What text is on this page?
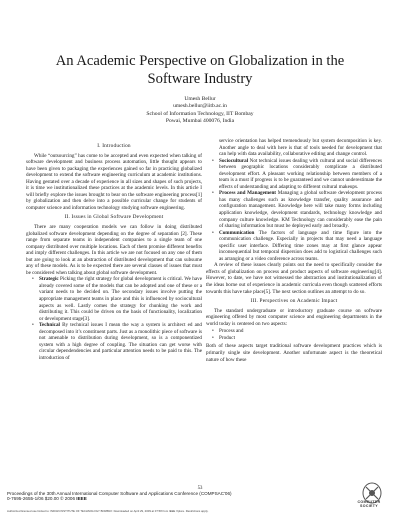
An Academic Perspective on Globalization in the Software Industry
Umesh Bellur
umesh.bellur@iitb.ac.in
School of Information Technology, IIT Bombay
Powai, Mumbai 400076, India
I. Introduction

While “outsourcing” has come to be accepted and even expected when talking of software development and business process automation, little thought appears to have been given to packaging the experiences gained so far in practicing globalized development to extend the software engineering curriculum at academic institutions. Having gestated over a decade of experience in all sizes and shapes of such projects, it is time we institutionalized these practices at the academic levels. In this article I will briefly explore the issues brought to bear on the software engineering process[1] by globalization and then delve into a possible curricular change for students of computer science and information technology studying software engineering.

II. Issues in Global Software Development

There are many cooperation models we can follow in doing distributed globalized software development depending on the degree of separation [2]. These range from separate teams in independent companies to a single team of one company distributed over multiple locations. Each of them promise different benefits and imply different challenges. In this article we are not focused on any one of them but are going to look at an abstraction of distributed development that can subsume any of these models. As is to be expected there are several classes of issues that must be considered when talking about global software development.

• Strategic Picking the right strategy for global development is critical. We have already covered some of the models that can be adopted and one of these or a variant needs to be decided on. The secondary issues involve putting the appropriate management teams in place and this is influenced by sociocultural aspects as well. Lastly comes the strategy for chunking the work and distributing it. This could be driven on the basis of functionality, localization or development stage[3].
• Technical By technical issues I mean the way a system is architect ed and decomposed into it’s constituent parts. Just as a monolithic piece of software is not amenable to distribution during development, so is a componentized system with a high degree of coupling. The situation can get worse with circular dependendencies and particular attention needs to be paid to this. The introduction of

service orientation has helped tremendously but system decomposition is key. Another angle to deal with here is that of tools needed for development that can help with data availability, collaborative editing and change control.

• Sociocultural Not technical issues dealing with cultural and social differences between geographic locations considerably complicate a distributed development effort. A pleasant working relationship between members of a team is a must if progress is to be guaranteed and we cannot underestimate the effects of understanding and adapting to different cultural makeups.
• Process and Management Managing a global software development process has many challenges such as knowledge transfer, quality assurance and configuration management. Knowledge here will take many forms including application knowledge, development standards, technology knowledge and company culture knowledge. KM Technology can considerably ease the pain of sharing information but must be deployed early and broadly.
• Communication The factors of language and time figure into the communication challenge. Especially in projects that may need a language specific user interface. Differing time zones may at first glance appear inconsequential but temporal dispersion does add to logistical challenges such as arranging or a video conference across teams.

A review of these issues clearly points out the need to specifically consider the effects of globalization on process and product aspects of software engineering[4]. However, to date, we have not witnessed the abstraction and institutionalization of the ideas borne out of experience in academic curricula even though scattered efforts towards this have take place[5]. The next section outlines an attempt to do so.

III. Perspectives on Academic Impact

The standard undergraduate or introductory graduate course on software engineering offered by most computer science and engineering departments in the world today is centered on two aspects:

• Process and
• Product

Both of these aspects target traditional software development practices which is primarily single site development. Another unfortunate aspect is the theoretical nature of how these

53
Proceedings of the 30th Annual International Computer Software and Applications Conference (COMPSAC'06)
0-7695-2655-1/06 $20.00 © 2006 IEEE
COMPUTER
SOCIETY
Authorized licensed use limited to: INDIAN INSTITUTE OF TECHNOLOGY BOMBAY. Downloaded on April 29, 2009 at 07:58 from IEEE Xplore. Restrictions apply.
